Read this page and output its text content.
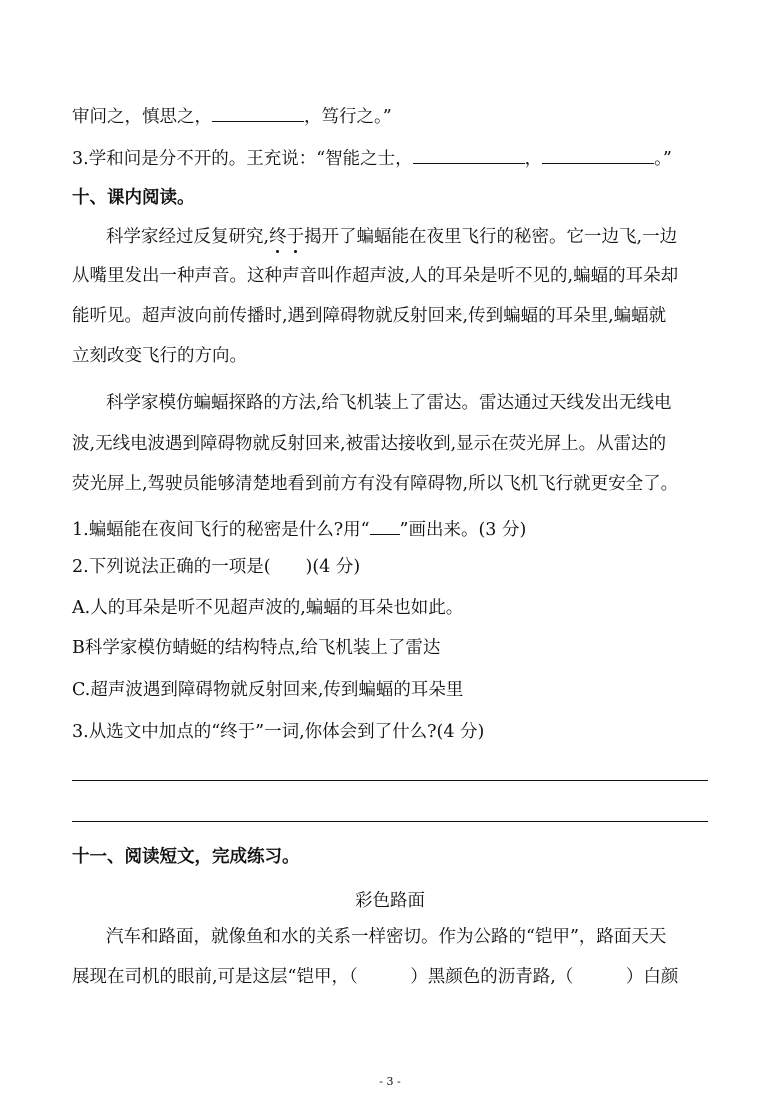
审问之，慎思之，	，笃行之。”
3.学和问是分不开的。王充说：“智能之士，	，	。”
十、课内阅读。
科学家经过反复研究,终于揭开了蝙蝠能在夜里飞行的秘密。它一边飞,一边
从嘴里发出一种声音。这种声音叫作超声波,人的耳朵是听不见的,蝙蝠的耳朵却
能听见。超声波向前传播时,遇到障碍物就反射回来,传到蝙蝠的耳朵里,蝙蝠就
立刻改变飞行的方向。
科学家模仿蝙蝠探路的方法,给飞机装上了雷达。雷达通过天线发出无线电
波,无线电波遇到障碍物就反射回来,被雷达接收到,显示在荧光屏上。从雷达的
荧光屏上,驾驶员能够清楚地看到前方有没有障碍物,所以飞机飞行就更安全了。
1.蝙蝠能在夜间飞行的秘密是什么?用“ ”画出来。(3 分)
2.下列说法正确的一项是(　　)(4 分)
A.人的耳朵是听不见超声波的,蝙蝠的耳朵也如此。
B科学家模仿蜻蜓的结构特点,给飞机装上了雷达
C.超声波遇到障碍物就反射回来,传到蝙蝠的耳朵里
3.从选文中加点的“终于”一词,你体会到了什么?(4 分)
十一、阅读短文，完成练习。
彩色路面
汽车和路面，就像鱼和水的关系一样密切。作为公路的“铠甲”，路面天天
展现在司机的眼前,可是这层“铠甲，（　　　）黑颜色的沥青路,（　　　）白颜
- 3 -
